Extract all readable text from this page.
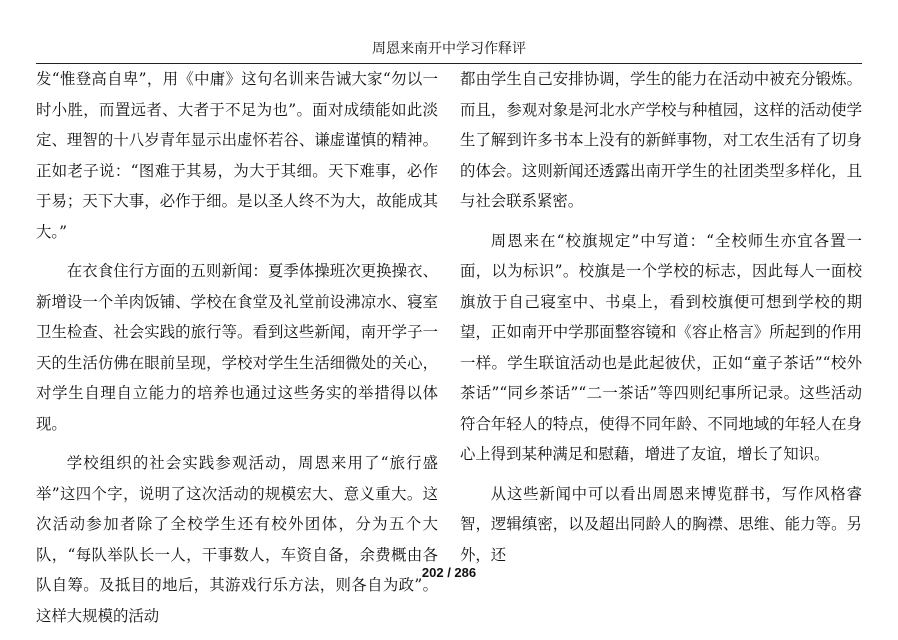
周恩来南开中学习作释评

发“惟登高自卑”，用《中庸》这句名训来告诫大家“勿以一时小胜，而置远者、大者于不足为也”。面对成绩能如此淡定、理智的十八岁青年显示出虚怀若谷、谦虚谨慎的精神。正如老子说：“图难于其易，为大于其细。天下难事，必作于易；天下大事，必作于细。是以圣人终不为大，故能成其大。”

在衣食住行方面的五则新闻：夏季体操班次更换操衣、新增设一个羊肉饭铺、学校在食堂及礼堂前设沸凉水、寝室卫生检查、社会实践的旅行等。看到这些新闻，南开学子一天的生活仿佛在眼前呈现，学校对学生生活细微处的关心，对学生自理自立能力的培养也通过这些务实的举措得以体现。

学校组织的社会实践参观活动，周恩来用了“旅行盛举”这四个字，说明了这次活动的规模宏大、意义重大。这次活动参加者除了全校学生还有校外团体，分为五个大队，“每队举队长一人，干事数人，车资自备，余费概由各队自筹。及抵目的地后，其游戏行乐方法，则各自为政”。这样大规模的活动

都由学生自己安排协调，学生的能力在活动中被充分锻炼。而且，参观对象是河北水产学校与种植园，这样的活动使学生了解到许多书本上没有的新鲜事物，对工农生活有了切身的体会。这则新闻还透露出南开学生的社团类型多样化，且与社会联系紧密。

周恩来在“校旗规定”中写道：“全校师生亦宜各置一面，以为标识”。校旗是一个学校的标志，因此每人一面校旗放于自己寝室中、书桌上，看到校旗便可想到学校的期望，正如南开中学那面整容镜和《容止格言》所起到的作用一样。学生联谊活动也是此起彼伏，正如“童子茶话”“校外茶话”“同乡茶话”“二一茶话”等四则纪事所记录。这些活动符合年轻人的特点，使得不同年龄、不同地域的年轻人在身心上得到某种满足和慰藉，增进了友谊，增长了知识。

从这些新闻中可以看出周恩来博览群书，写作风格睿智，逻辑缜密，以及超出同龄人的胸襟、思维、能力等。另外，还

202 / 286
